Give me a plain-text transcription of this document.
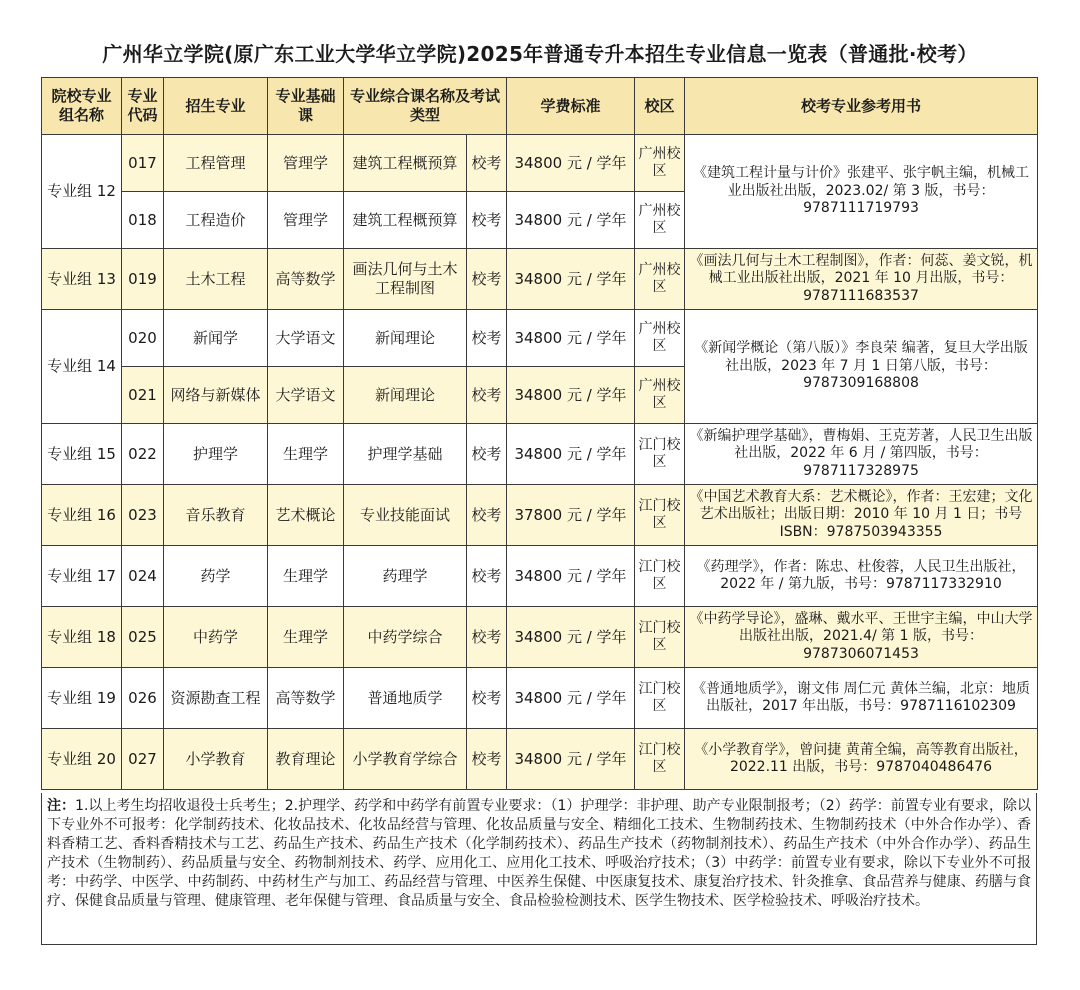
广州华立学院(原广东工业大学华立学院)2025年普通专升本招生专业信息一览表（普通批·校考）
院校专业组名称	专业代码	招生专业	专业基础课	专业综合课名称及考试类型		学费标准	校区	校考专业参考用书
专业组 12	017	工程管理	管理学	建筑工程概预算	校考	34800 元 / 学年	广州校区	《建筑工程计量与计价》张建平、张宇帆主编，机械工业出版社出版，2023.02/ 第 3 版，书号：9787111719793
	018	工程造价	管理学	建筑工程概预算	校考	34800 元 / 学年	广州校区	
专业组 13	019	土木工程	高等数学	画法几何与土木工程制图	校考	34800 元 / 学年	广州校区	《画法几何与土木工程制图》，作者：何蕊、姜文锐，机械工业出版社出版，2021 年 10 月出版，书号：9787111683537
专业组 14	020	新闻学	大学语文	新闻理论	校考	34800 元 / 学年	广州校区	《新闻学概论（第八版）》李良荣 编著，复旦大学出版社出版，2023 年 7 月 1 日第八版，书号：9787309168808
	021	网络与新媒体	大学语文	新闻理论	校考	34800 元 / 学年	广州校区	
专业组 15	022	护理学	生理学	护理学基础	校考	34800 元 / 学年	江门校区	《新编护理学基础》，曹梅娟、王克芳著，人民卫生出版社出版，2022 年 6 月 / 第四版，书号：9787117328975
专业组 16	023	音乐教育	艺术概论	专业技能面试	校考	37800 元 / 学年	江门校区	《中国艺术教育大系：艺术概论》，作者：王宏建；文化艺术出版社；出版日期：2010 年 10 月 1 日；书号 ISBN：9787503943355
专业组 17	024	药学	生理学	药理学	校考	34800 元 / 学年	江门校区	《药理学》，作者：陈忠、杜俊蓉，人民卫生出版社，2022 年 / 第九版，书号：9787117332910
专业组 18	025	中药学	生理学	中药学综合	校考	34800 元 / 学年	江门校区	《中药学导论》，盛琳、戴水平、王世宇主编，中山大学出版社出版，2021.4/ 第 1 版，书号：9787306071453
专业组 19	026	资源勘查工程	高等数学	普通地质学	校考	34800 元 / 学年	江门校区	《普通地质学》，谢文伟 周仁元 黄体兰编，北京：地质出版社，2017 年出版，书号：9787116102309
专业组 20	027	小学教育	教育理论	小学教育学综合	校考	34800 元 / 学年	江门校区	《小学教育学》，曾问捷 黄莆全编，高等教育出版社，2022.11 出版，书号：9787040486476
注：1.以上考生均招收退役士兵考生；2.护理学、药学和中药学有前置专业要求：（1）护理学：非护理、助产专业限制报考；（2）药学：前置专业有要求，除以下专业外不可报考：化学制药技术、化妆品技术、化妆品经营与管理、化妆品质量与安全、精细化工技术、生物制药技术、生物制药技术（中外合作办学）、香料香精工艺、香料香精技术与工艺、药品生产技术、药品生产技术（化学制药技术）、药品生产技术（药物制剂技术）、药品生产技术（中外合作办学）、药品生产技术（生物制药）、药品质量与安全、药物制剂技术、药学、应用化工、应用化工技术、呼吸治疗技术；（3）中药学：前置专业有要求，除以下专业外不可报考：中药学、中医学、中药制药、中药材生产与加工、药品经营与管理、中医养生保健、中医康复技术、康复治疗技术、针灸推拿、食品营养与健康、药膳与食疗、保健食品质量与管理、健康管理、老年保健与管理、食品质量与安全、食品检验检测技术、医学生物技术、医学检验技术、呼吸治疗技术。
